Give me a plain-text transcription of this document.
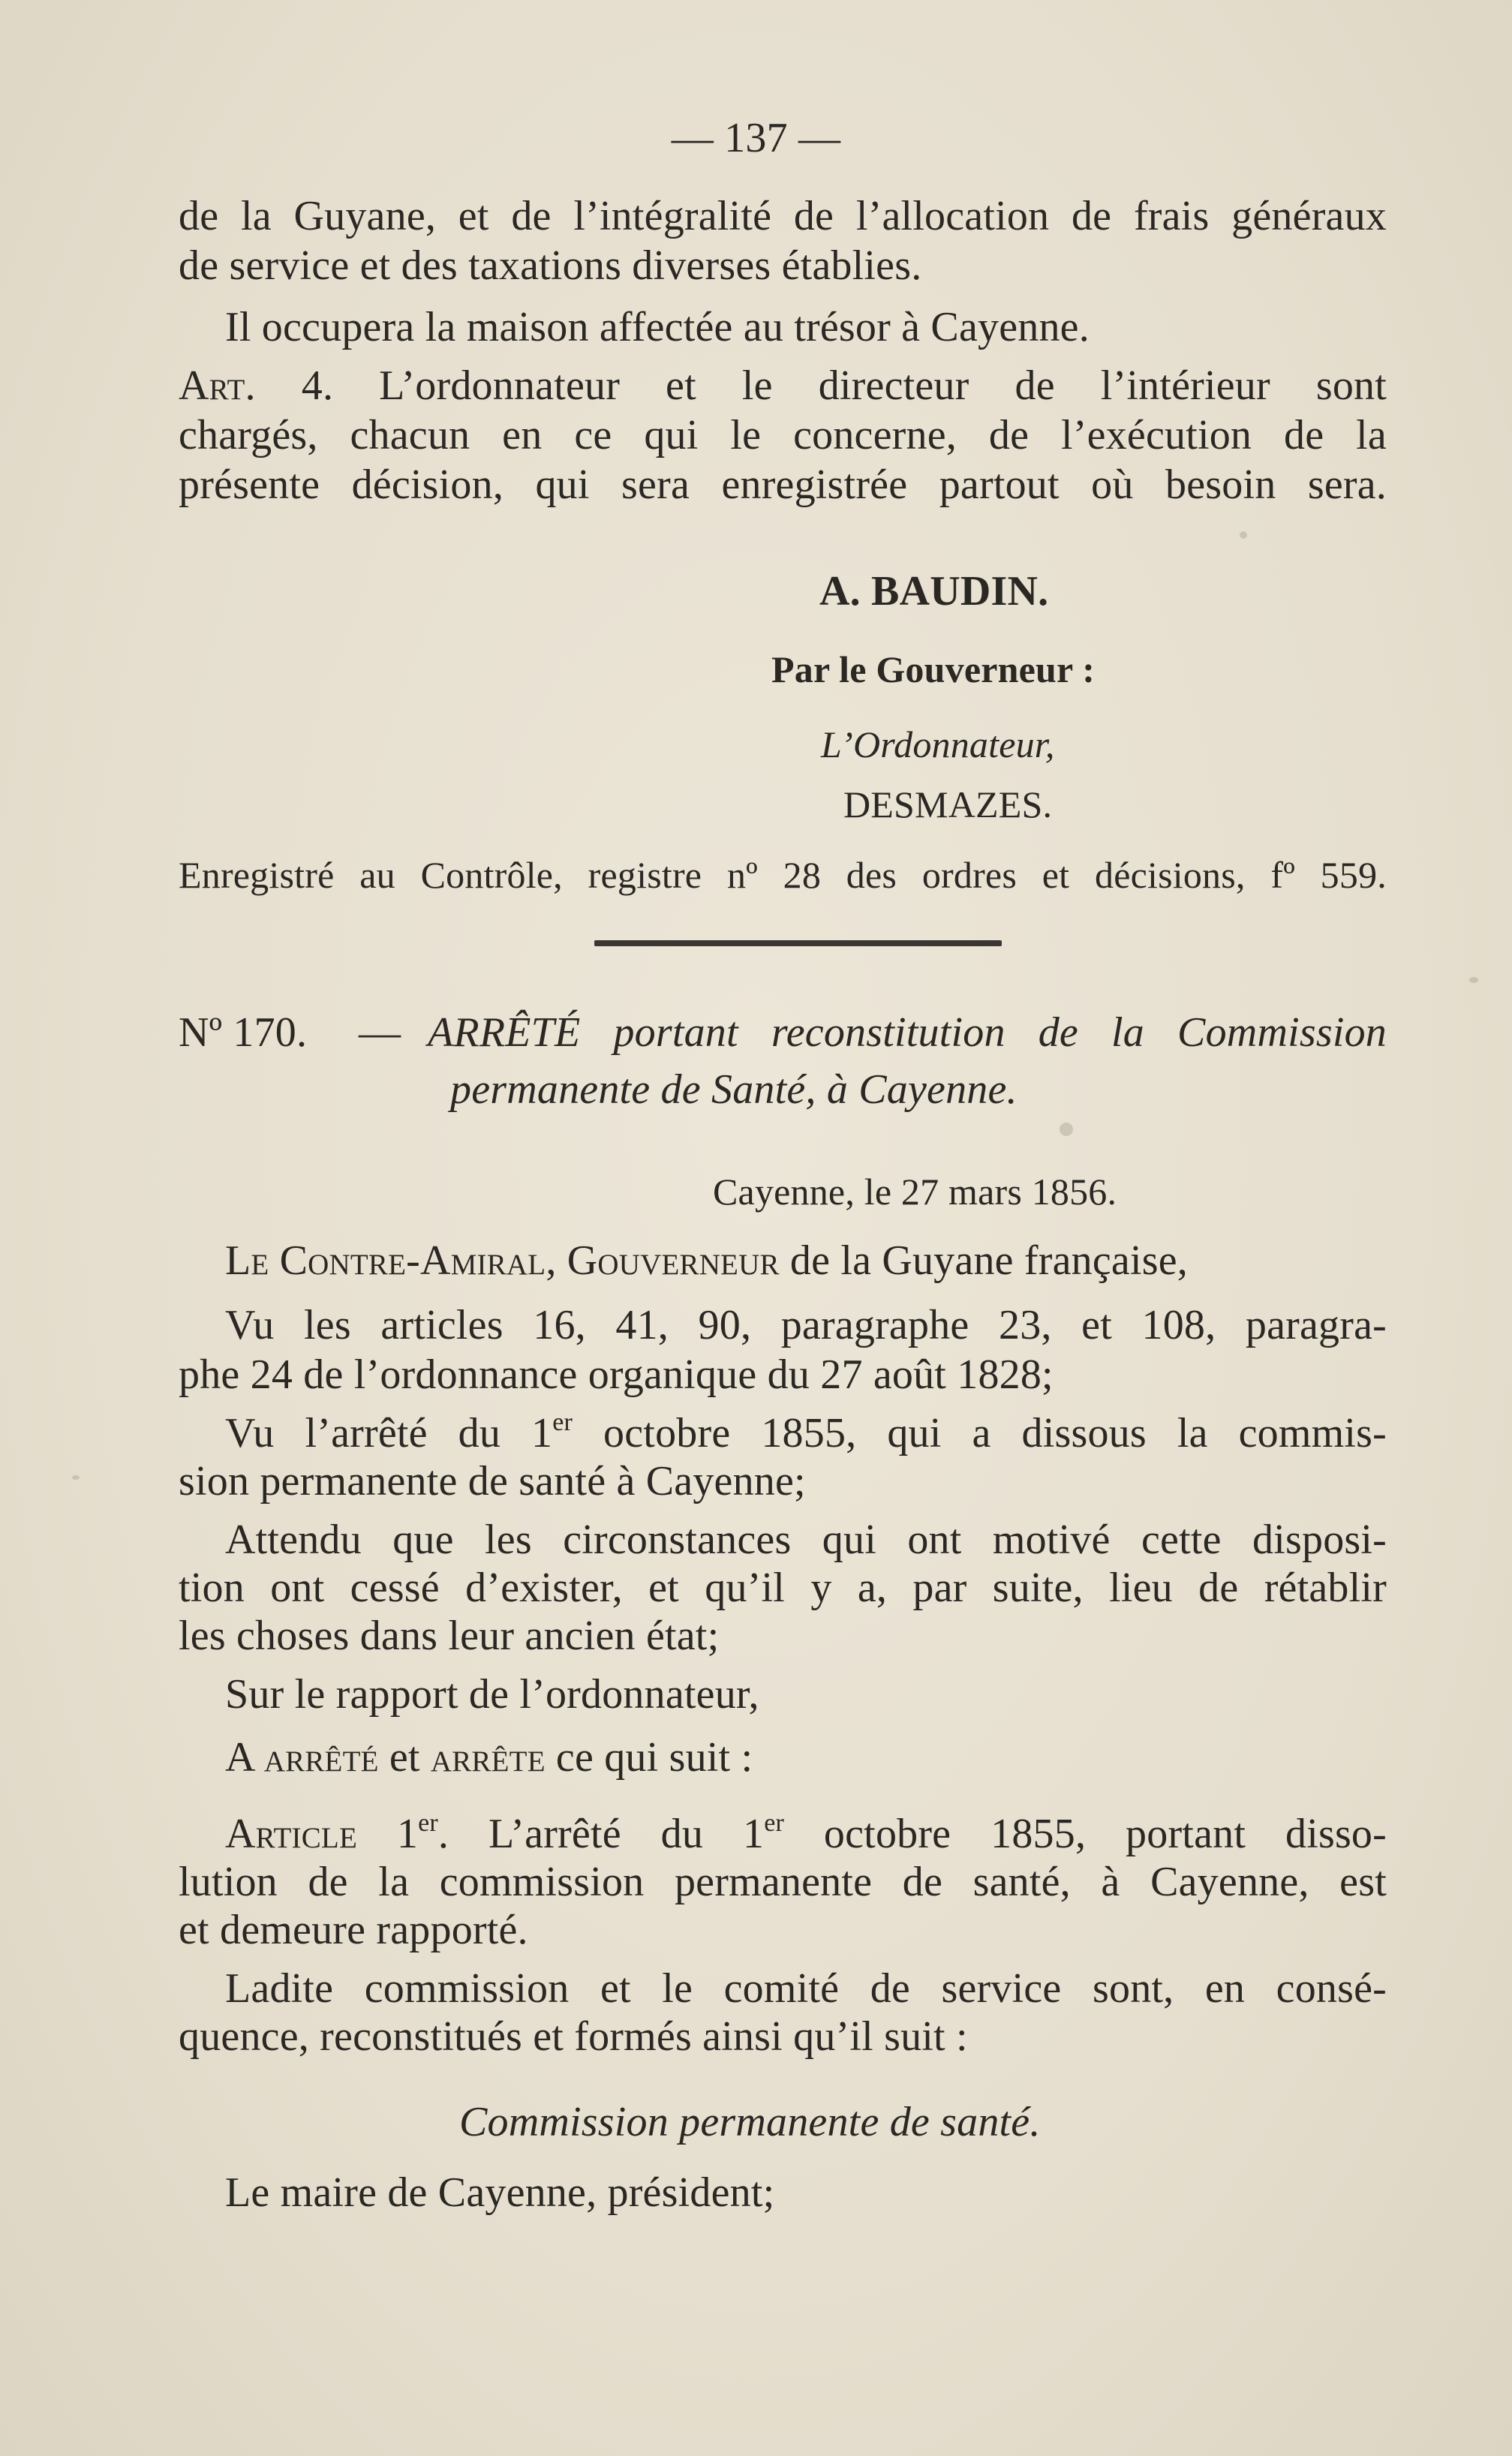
— 137 —
de la Guyane, et de l’intégralité de l’allocation de frais généraux
de service et des taxations diverses établies.
Il occupera la maison affectée au trésor à Cayenne.
Art. 4. L’ordonnateur et le directeur de l’intérieur sont
chargés, chacun en ce qui le concerne, de l’exécution de la
présente décision, qui sera enregistrée partout où besoin sera.
A. BAUDIN.
Par le Gouverneur :
L’Ordonnateur,
DESMAZES.
Enregistré au Contrôle, registre nº 28 des ordres et décisions, fº 559.
Nº 170. — ARRÊTÉ portant reconstitution de la Commission
permanente de Santé, à Cayenne.
Cayenne, le 27 mars 1856.
Le Contre-Amiral, Gouverneur de la Guyane française,
Vu les articles 16, 41, 90, paragraphe 23, et 108, paragra-
phe 24 de l’ordonnance organique du 27 août 1828;
Vu l’arrêté du 1er octobre 1855, qui a dissous la commis-
sion permanente de santé à Cayenne;
Attendu que les circonstances qui ont motivé cette disposi-
tion ont cessé d’exister, et qu’il y a, par suite, lieu de rétablir
les choses dans leur ancien état;
Sur le rapport de l’ordonnateur,
A arrêté et arrête ce qui suit :
Article 1er. L’arrêté du 1er octobre 1855, portant disso-
lution de la commission permanente de santé, à Cayenne, est
et demeure rapporté.
Ladite commission et le comité de service sont, en consé-
quence, reconstitués et formés ainsi qu’il suit :
Commission permanente de santé.
Le maire de Cayenne, président;
